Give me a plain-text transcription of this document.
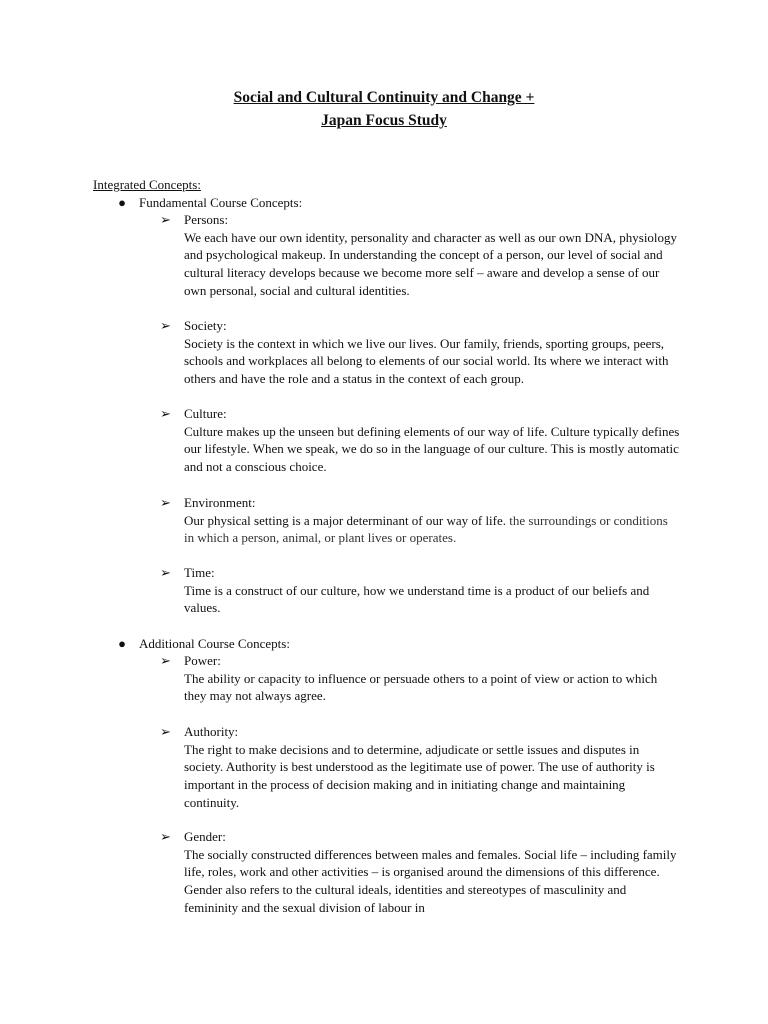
Social and Cultural Continuity and Change +
Japan Focus Study
Integrated Concepts:
● Fundamental Course Concepts:
➢	Persons:
We each have our own identity, personality and character as well as our own DNA, physiology and psychological makeup. In understanding the concept of a person, our level of social and cultural literacy develops because we become more self – aware and develop a sense of our own personal, social and cultural identities.
➢	Society:
Society is the context in which we live our lives. Our family, friends, sporting groups, peers, schools and workplaces all belong to elements of our social world. Its where we interact with others and have the role and a status in the context of each group.
➢	Culture:
Culture makes up the unseen but defining elements of our way of life. Culture typically defines our lifestyle. When we speak, we do so in the language of our culture. This is mostly automatic and not a conscious choice.
➢	Environment:
Our physical setting is a major determinant of our way of life. the surroundings or conditions in which a person, animal, or plant lives or operates.
➢	Time:
Time is a construct of our culture, how we understand time is a product of our beliefs and values.
● Additional Course Concepts:
➢	Power:
The ability or capacity to influence or persuade others to a point of view or action to which they may not always agree.
➢	Authority:
The right to make decisions and to determine, adjudicate or settle issues and disputes in society. Authority is best understood as the legitimate use of power. The use of authority is important in the process of decision making and in initiating change and maintaining continuity.
➢	Gender:
The socially constructed differences between males and females. Social life – including family life, roles, work and other activities – is organised around the dimensions of this difference. Gender also refers to the cultural ideals, identities and stereotypes of masculinity and femininity and the sexual division of labour in
